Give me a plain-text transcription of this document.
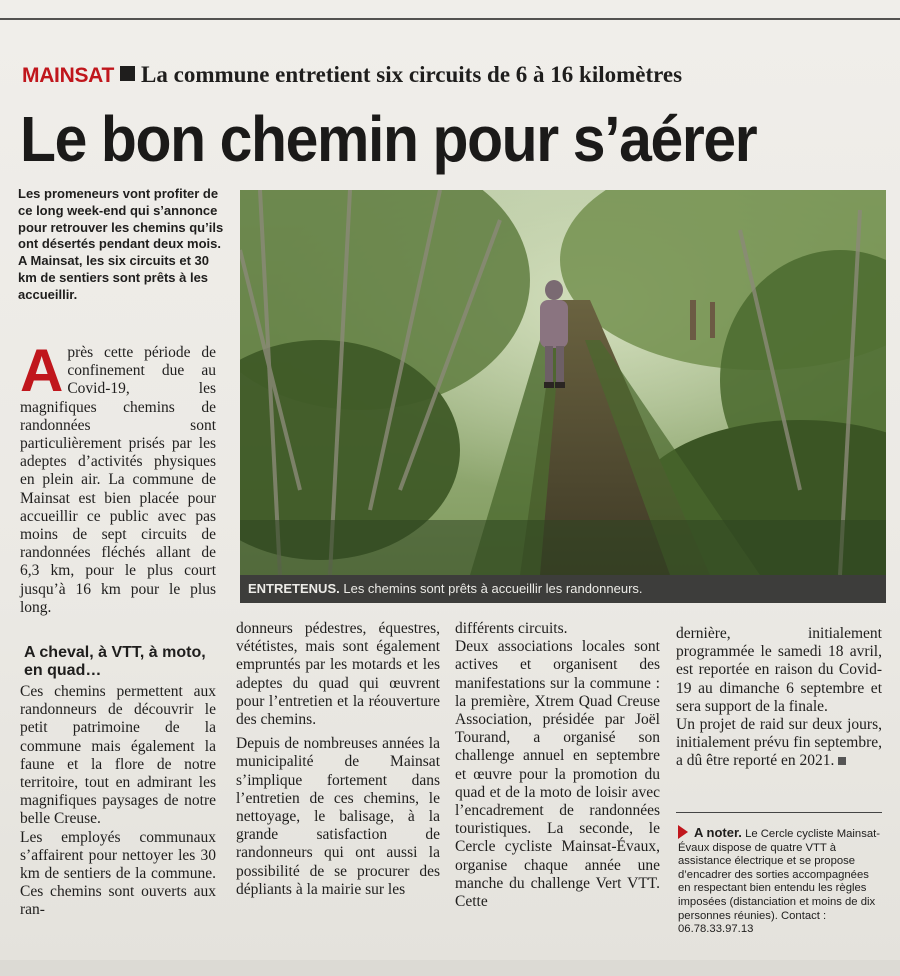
MAINSAT La commune entretient six circuits de 6 à 16 kilomètres
Le bon chemin pour s’aérer
Les promeneurs vont profiter de ce long week-end qui s’annonce pour retrouver les chemins qu’ils ont désertés pendant deux mois. A Mainsat, les six circuits et 30 km de sentiers sont prêts à les accueillir.
ENTRETENUS. Les chemins sont prêts à accueillir les randonneurs.
A près cette période de confinement due au Covid-19, les magnifiques chemins de randonnées sont particulièrement prisés par les adeptes d’activités physiques en plein air. La commune de Mainsat est bien placée pour accueillir ce public avec pas moins de sept circuits de randonnées fléchés allant de 6,3 km, pour le plus court jusqu’à 16 km pour le plus long.

A cheval, à VTT, à moto, en quad…

Ces chemins permettent aux randonneurs de découvrir le petit patrimoine de la commune mais également la faune et la flore de notre territoire, tout en admirant les magnifiques paysages de notre belle Creuse.

Les employés communaux s’affairent pour nettoyer les 30 km de sentiers de la commune. Ces chemins sont ouverts aux ran-

donneurs pédestres, équestres, vététistes, mais sont également empruntés par les motards et les adeptes du quad qui œuvrent pour l’entretien et la réouverture des chemins.

Depuis de nombreuses années la municipalité de Mainsat s’implique fortement dans l’entretien de ces chemins, le nettoyage, le balisage, à la grande satisfaction de randonneurs qui ont aussi la possibilité de se procurer des dépliants à la mairie sur les

différents circuits.

Deux associations locales sont actives et organisent des manifestations sur la commune : la première, Xtrem Quad Creuse Association, présidée par Joël Tourand, a organisé son challenge annuel en septembre et œuvre pour la promotion du quad et de la moto de loisir avec l’encadrement de randonnées touristiques. La seconde, le Cercle cycliste Mainsat-Évaux, organise chaque année une manche du challenge Vert VTT. Cette

dernière, initialement programmée le samedi 18 avril, est reportée en raison du Covid-19 au dimanche 6 septembre et sera support de la finale.

Un projet de raid sur deux jours, initialement prévu fin septembre, a dû être reporté en 2021.

A noter. Le Cercle cycliste Mainsat-Évaux dispose de quatre VTT à assistance électrique et se propose d’encadrer des sorties accompagnées en respectant bien entendu les règles imposées (distanciation et moins de dix personnes réunies). Contact : 06.78.33.97.13
